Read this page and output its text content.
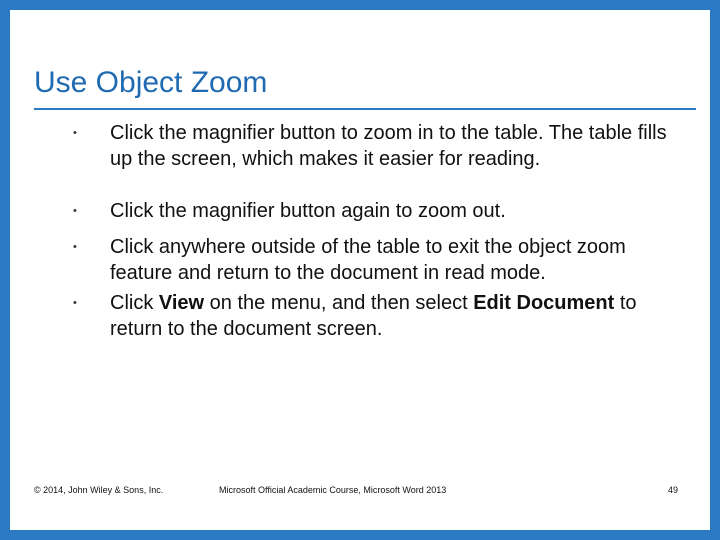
Use Object Zoom
• Click the magnifier button to zoom in to the table. The table fills up the screen, which makes it easier for reading.
• Click the magnifier button again to zoom out.
• Click anywhere outside of the table to exit the object zoom feature and return to the document in read mode.
• Click View on the menu, and then select Edit Document to return to the document screen.
© 2014, John Wiley & Sons, Inc.	Microsoft Official Academic Course, Microsoft Word 2013	49
